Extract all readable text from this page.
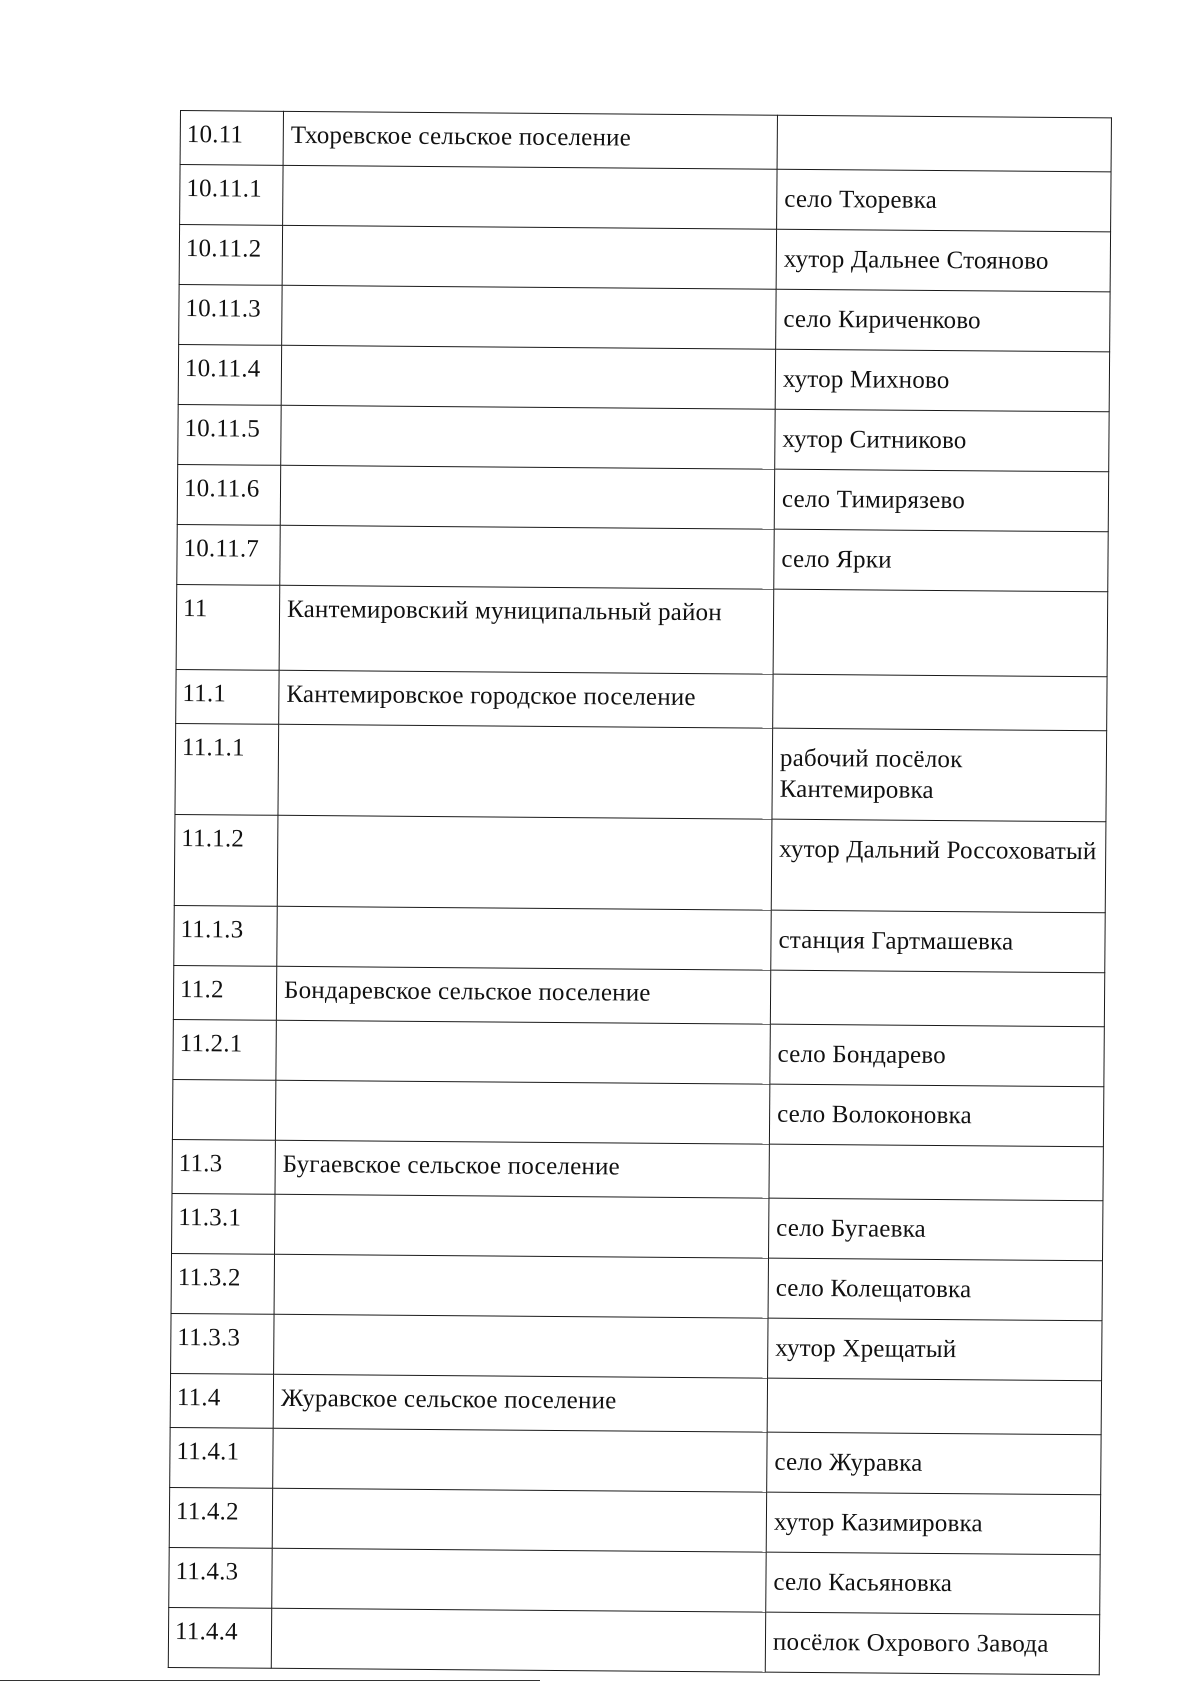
10.11	Тхоревское сельское поселение	
10.11.1		село Тхоревка
10.11.2		хутор Дальнее Стояново
10.11.3		село Кириченково
10.11.4		хутор Михново
10.11.5		хутор Ситниково
10.11.6		село Тимирязево
10.11.7		село Ярки
11	Кантемировский муниципальный район	
11.1	Кантемировское городское поселение	
11.1.1		рабочий посёлок Кантемировка
11.1.2		хутор Дальний Россоховатый
11.1.3		станция Гартмашевка
11.2	Бондаревское сельское поселение	
11.2.1		село Бондарево
		село Волоконовка
11.3	Бугаевское сельское поселение	
11.3.1		село Бугаевка
11.3.2		село Колещатовка
11.3.3		хутор Хрещатый
11.4	Журавское сельское поселение	
11.4.1		село Журавка
11.4.2		хутор Казимировка
11.4.3		село Касьяновка
11.4.4		посёлок Охрового Завода
